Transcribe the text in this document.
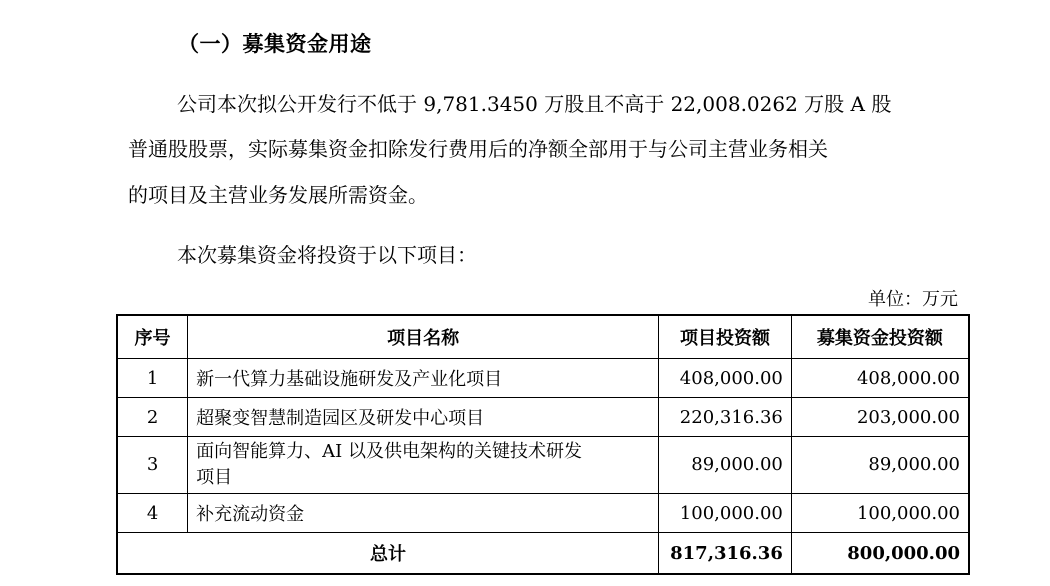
（一）募集资金用途
公司本次拟公开发行不低于 9,781.3450 万股且不高于 22,008.0262 万股 A 股
普通股股票，实际募集资金扣除发行费用后的净额全部用于与公司主营业务相关
的项目及主营业务发展所需资金。
本次募集资金将投资于以下项目：
单位：万元
序号	项目名称	项目投资额	募集资金投资额
1	新一代算力基础设施研发及产业化项目	408,000.00	408,000.00
2	超聚变智慧制造园区及研发中心项目	220,316.36	203,000.00
3	面向智能算力、AI 以及供电架构的关键技术研发项目	89,000.00	89,000.00
4	补充流动资金	100,000.00	100,000.00
总计		817,316.36	800,000.00
